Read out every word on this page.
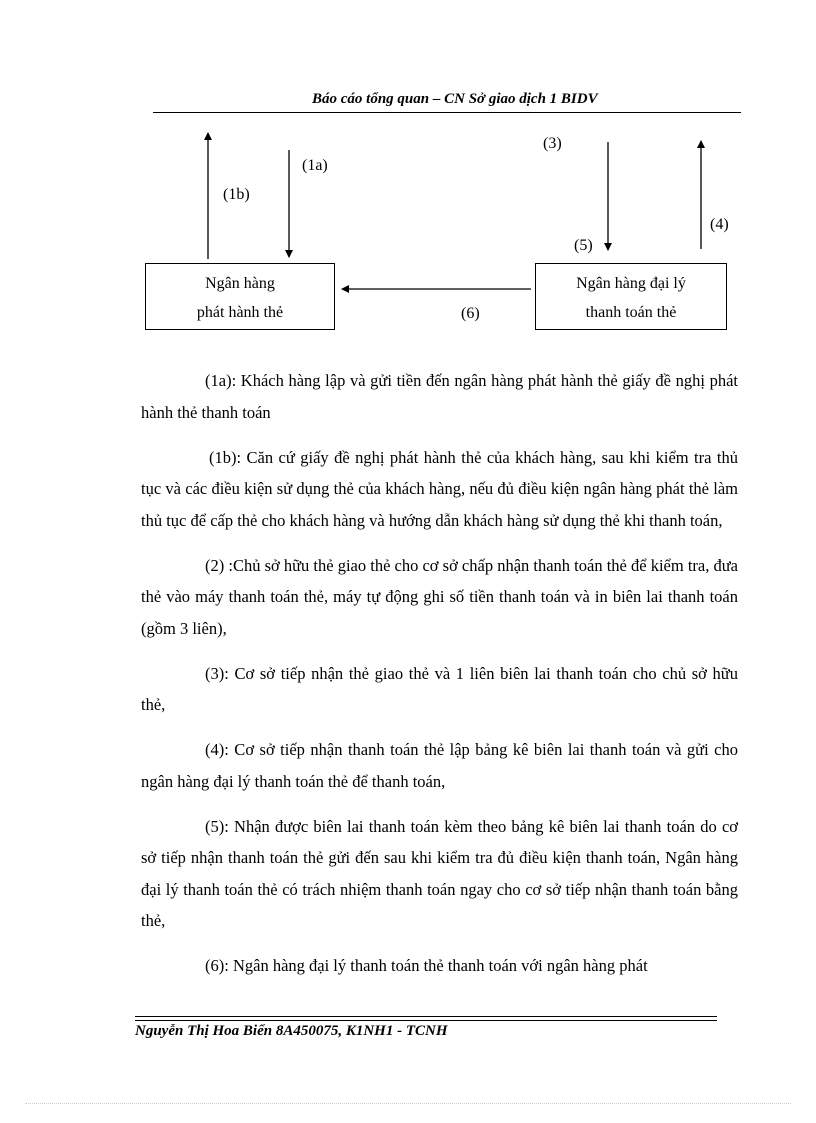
Báo cáo tổng quan – CN Sở giao dịch 1 BIDV
Ngân hàng
phát hành thẻ
Ngân hàng đại lý
thanh toán thẻ
(1a)
(1b)
(3)
(4)
(5)
(6)

(1a): Khách hàng lập và gửi tiền đến ngân hàng phát hành thẻ giấy đề nghị phát hành thẻ thanh toán

(1b): Căn cứ giấy đề nghị phát hành thẻ của khách hàng, sau khi kiểm tra thủ tục và các điều kiện sử dụng thẻ của khách hàng, nếu đủ điều kiện ngân hàng phát thẻ làm thủ tục để cấp thẻ cho khách hàng và hướng dẫn khách hàng sử dụng thẻ khi thanh toán,

(2) :Chủ sở hữu thẻ giao thẻ cho cơ sở chấp nhận thanh toán thẻ để kiểm tra, đưa thẻ vào máy thanh toán thẻ, máy tự động ghi số tiền thanh toán và in biên lai thanh toán (gồm 3 liên),

(3): Cơ sở tiếp nhận thẻ giao thẻ và 1 liên biên lai thanh toán cho chủ sở hữu thẻ,

(4): Cơ sở tiếp nhận thanh toán thẻ lập bảng kê biên lai thanh toán và gửi cho ngân hàng đại lý thanh toán thẻ để thanh toán,

(5): Nhận được biên lai thanh toán kèm theo bảng kê biên lai thanh toán do cơ sở tiếp nhận thanh toán thẻ gửi đến sau khi kiểm tra đủ điều kiện thanh toán, Ngân hàng đại lý thanh toán thẻ có trách nhiệm thanh toán ngay cho cơ sở tiếp nhận thanh toán bằng thẻ,

(6): Ngân hàng đại lý thanh toán thẻ thanh toán với ngân hàng phát

Nguyễn Thị Hoa Biển 8A450075, K1NH1 - TCNH
